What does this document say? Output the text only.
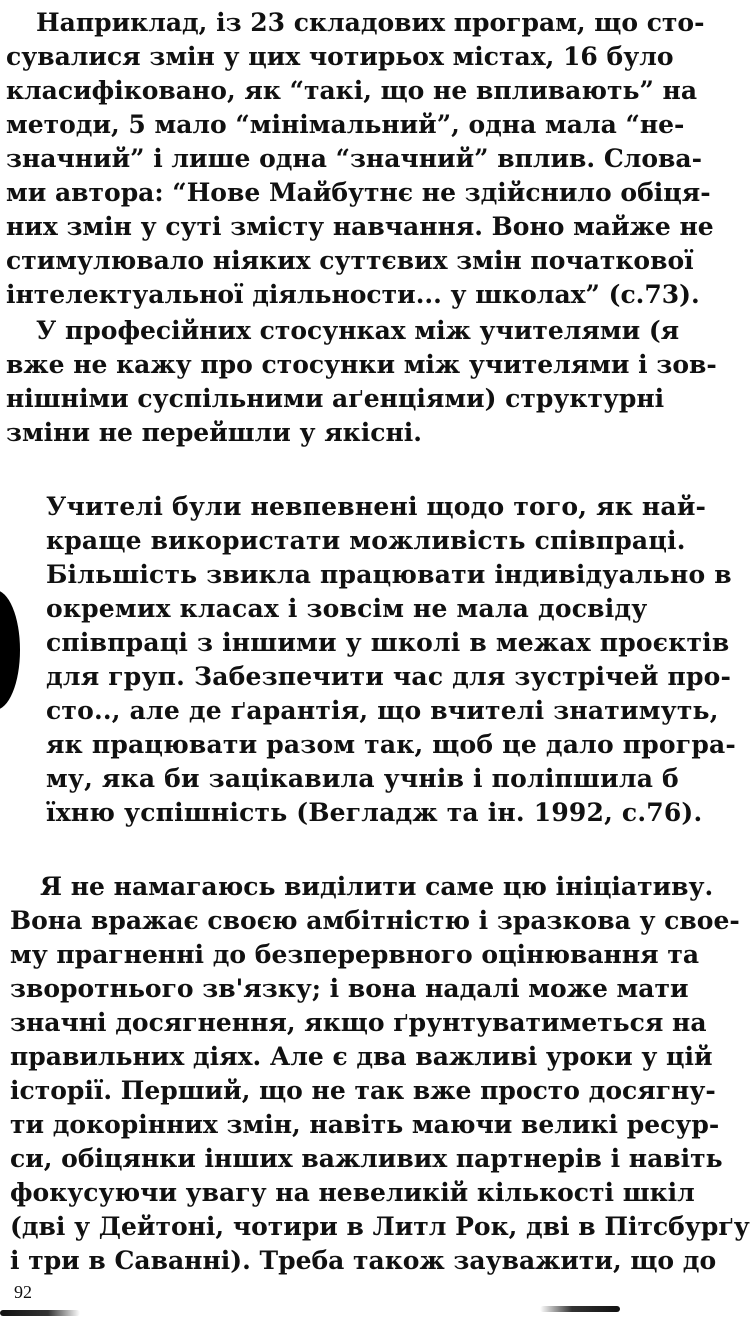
Наприклад, із 23 складових програм, що сто-
сувалися змін у цих чотирьох містах, 16 було
класифіковано, як “такі, що не впливають” на
методи, 5 мало “мінімальний”, одна мала “не-
значний” і лише одна “значний” вплив. Слова-
ми автора: “Нове Майбутнє не здійснило обіця-
них змін у суті змісту навчання. Воно майже не
стимулювало ніяких суттєвих змін початкової
інтелектуальної діяльности... у школах” (с.73).
У професійних стосунках між учителями (я
вже не кажу про стосунки між учителями і зов-
нішніми суспільними аґенціями) структурні
зміни не перейшли у якісні.
Учителі були невпевнені щодо того, як най-
краще використати можливість співпраці.
Більшість звикла працювати індивідуально в
окремих класах і зовсім не мала досвіду
співпраці з іншими у школі в межах проєктів
для груп. Забезпечити час для зустрічей про-
сто.., але де ґарантія, що вчителі знатимуть,
як працювати разом так, щоб це дало програ-
му, яка би зацікавила учнів і поліпшила б
їхню успішність (Вегладж та ін. 1992, с.76).
Я не намагаюсь виділити саме цю ініціативу.
Вона вражає своєю амбітністю і зразкова у свое-
му прагненні до безперервного оцінювання та
зворотнього зв'язку; і вона надалі може мати
значні досягнення, якщо ґрунтуватиметься на
правильних діях. Але є два важливі уроки у цій
історії. Перший, що не так вже просто досягну-
ти докорінних змін, навіть маючи великі ресур-
си, обіцянки інших важливих партнерів і навіть
фокусуючи увагу на невеликій кількості шкіл
(дві у Дейтоні, чотири в Литл Рок, дві в Пітсбурґу
і три в Саванні). Треба також зауважити, що до
92
